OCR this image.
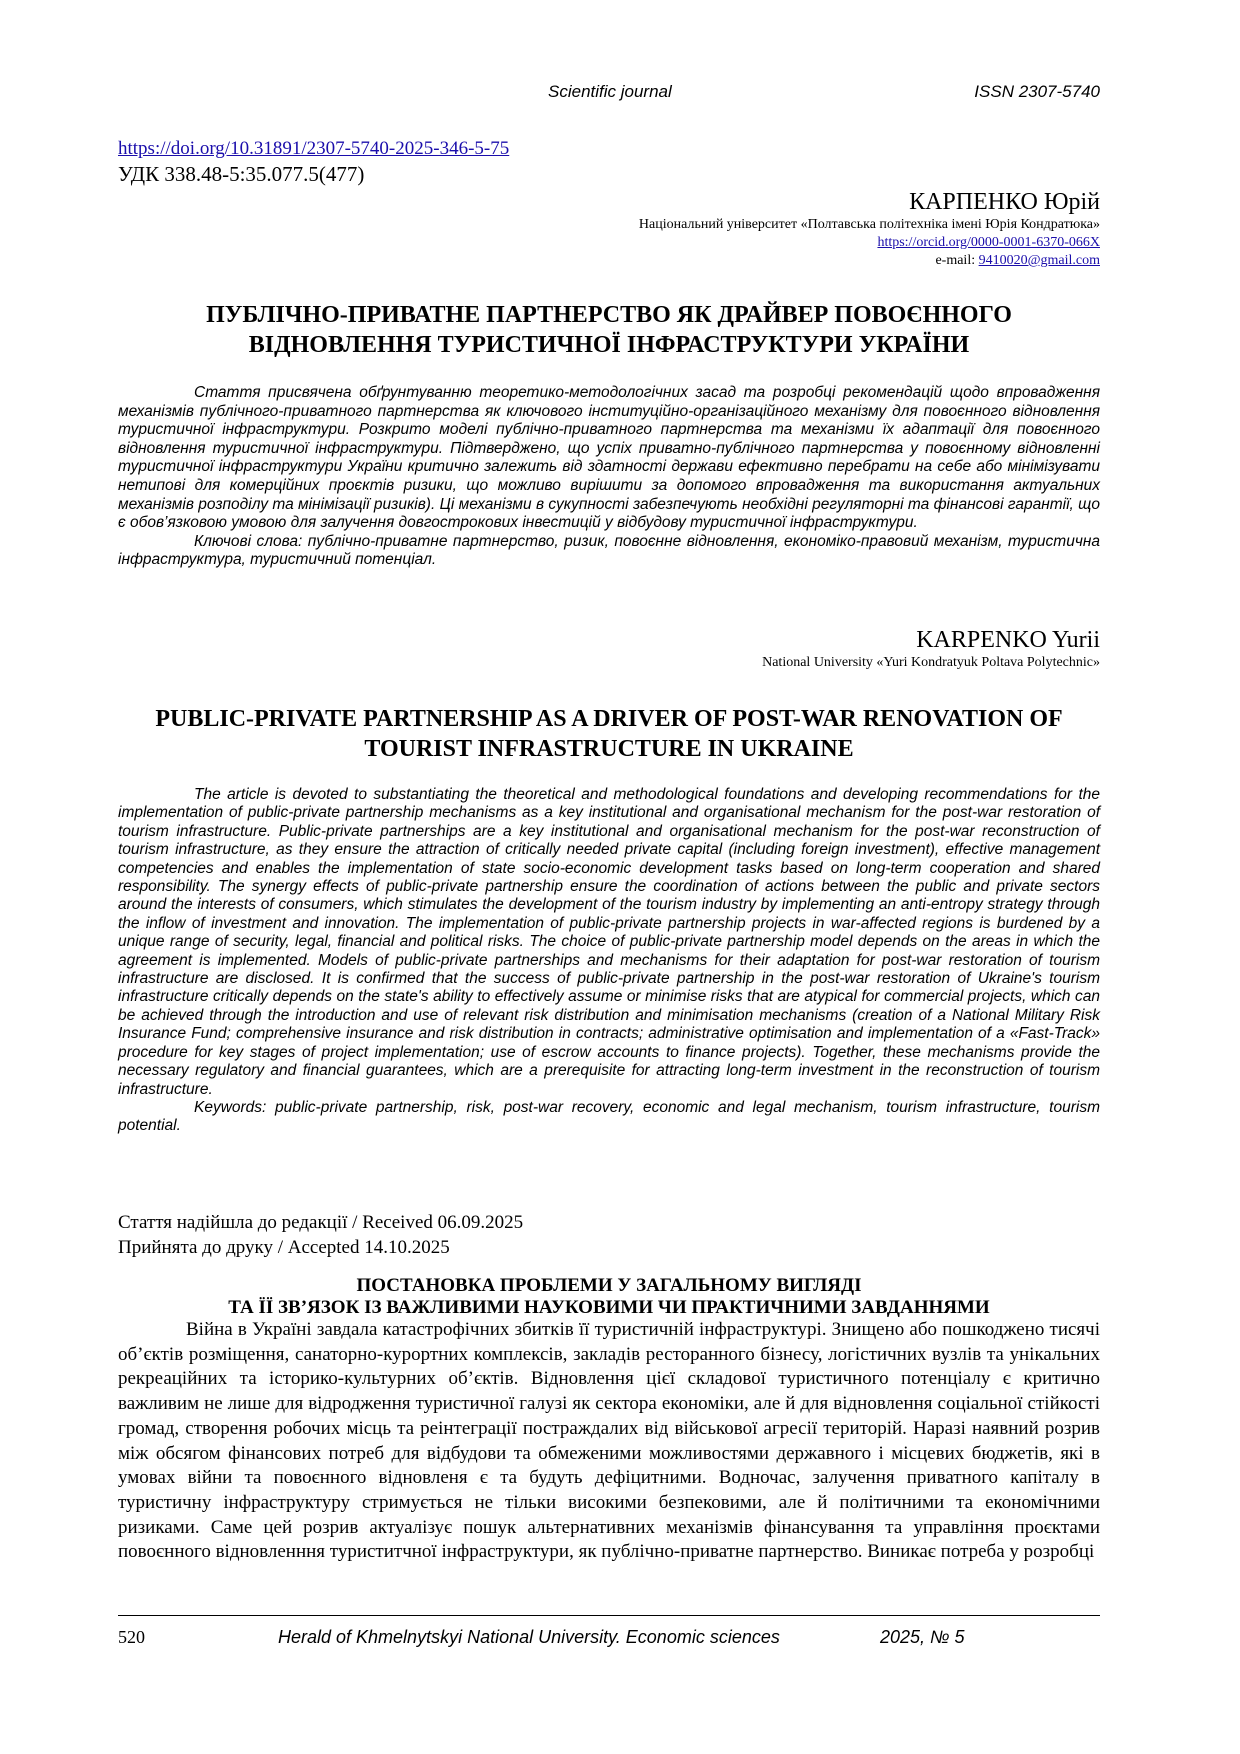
Scientific journal	ISSN 2307-5740
https://doi.org/10.31891/2307-5740-2025-346-5-75
УДК 338.48-5:35.077.5(477)
КАРПЕНКО Юрій
Національний університет «Полтавська політехніка імені Юрія Кондратюка»
https://orcid.org/0000-0001-6370-066X
e-mail: 9410020@gmail.com
ПУБЛІЧНО-ПРИВАТНЕ ПАРТНЕРСТВО ЯК ДРАЙВЕР ПОВОЄННОГО
ВІДНОВЛЕННЯ ТУРИСТИЧНОЇ ІНФРАСТРУКТУРИ УКРАЇНИ

Стаття присвячена обґрунтуванню теоретико-методологічних засад та розробці рекомендацій щодо впровадження механізмів публічного-приватного партнерства як ключового інституційно-організаційного механізму для повоєнного відновлення туристичної інфраструктури. Розкрито моделі публічно-приватного партнерства та механізми їх адаптації для повоєнного відновлення туристичної інфраструктури. Підтверджено, що успіх приватно-публічного партнерства у повоєнному відновленні туристичної інфраструктури України критично залежить від здатності держави ефективно перебрати на себе або мінімізувати нетипові для комерційних проєктів ризики, що можливо вирішити за допомого впровадження та використання актуальних механізмів розподілу та мінімізації ризиків). Ці механізми в сукупності забезпечують необхідні регуляторні та фінансові гарантії, що є обов’язковою умовою для залучення довгострокових інвестицій у відбудову туристичної інфраструктури.

Ключові слова: публічно-приватне партнерство, ризик, повоєнне відновлення, економіко-правовий механізм, туристична інфраструктура, туристичний потенціал.

KARPENKO Yurii
National University «Yuri Kondratyuk Poltava Polytechnic»
PUBLIC-PRIVATE PARTNERSHIP AS A DRIVER OF POST-WAR RENOVATION OF
TOURIST INFRASTRUCTURE IN UKRAINE

The article is devoted to substantiating the theoretical and methodological foundations and developing recommendations for the implementation of public-private partnership mechanisms as a key institutional and organisational mechanism for the post-war restoration of tourism infrastructure. Public-private partnerships are a key institutional and organisational mechanism for the post-war reconstruction of tourism infrastructure, as they ensure the attraction of critically needed private capital (including foreign investment), effective management competencies and enables the implementation of state socio-economic development tasks based on long-term cooperation and shared responsibility. The synergy effects of public-private partnership ensure the coordination of actions between the public and private sectors around the interests of consumers, which stimulates the development of the tourism industry by implementing an anti-entropy strategy through the inflow of investment and innovation. The implementation of public-private partnership projects in war-affected regions is burdened by a unique range of security, legal, financial and political risks. The choice of public-private partnership model depends on the areas in which the agreement is implemented. Models of public-private partnerships and mechanisms for their adaptation for post-war restoration of tourism infrastructure are disclosed. It is confirmed that the success of public-private partnership in the post-war restoration of Ukraine's tourism infrastructure critically depends on the state's ability to effectively assume or minimise risks that are atypical for commercial projects, which can be achieved through the introduction and use of relevant risk distribution and minimisation mechanisms (creation of a National Military Risk Insurance Fund; comprehensive insurance and risk distribution in contracts; administrative optimisation and implementation of a «Fast-Track» procedure for key stages of project implementation; use of escrow accounts to finance projects). Together, these mechanisms provide the necessary regulatory and financial guarantees, which are a prerequisite for attracting long-term investment in the reconstruction of tourism infrastructure.

Keywords: public-private partnership, risk, post-war recovery, economic and legal mechanism, tourism infrastructure, tourism potential.

Стаття надійшла до редакції / Received 06.09.2025
Прийнята до друку / Accepted 14.10.2025
ПОСТАНОВКА ПРОБЛЕМИ У ЗАГАЛЬНОМУ ВИГЛЯДІ
ТА ЇЇ ЗВ’ЯЗОК ІЗ ВАЖЛИВИМИ НАУКОВИМИ ЧИ ПРАКТИЧНИМИ ЗАВДАННЯМИ

Війна в Україні завдала катастрофічних збитків її туристичній інфраструктурі. Знищено або пошкоджено тисячі об’єктів розміщення, санаторно-курортних комплексів, закладів ресторанного бізнесу, логістичних вузлів та унікальних рекреаційних та історико-культурних об’єктів. Відновлення цієї складової туристичного потенціалу є критично важливим не лише для відродження туристичної галузі як сектора економіки, але й для відновлення соціальної стійкості громад, створення робочих місць та реінтеграції постраждалих від військової агресії територій. Наразі наявний розрив між обсягом фінансових потреб для відбудови та обмеженими можливостями державного і місцевих бюджетів, які в умовах війни та повоєнного відновленя є та будуть дефіцитними. Водночас, залучення приватного капіталу в туристичну інфраструктуру стримується не тільки високими безпековими, але й політичними та економічними ризиками. Саме цей розрив актуалізує пошук альтернативних механізмів фінансування та управління проєктами повоєнного відновленння туриститчної інфраструктури, як публічно-приватне партнерство. Виникає потреба у розробці

520	Herald of Khmelnytskyi National University. Economic sciences	2025, № 5
